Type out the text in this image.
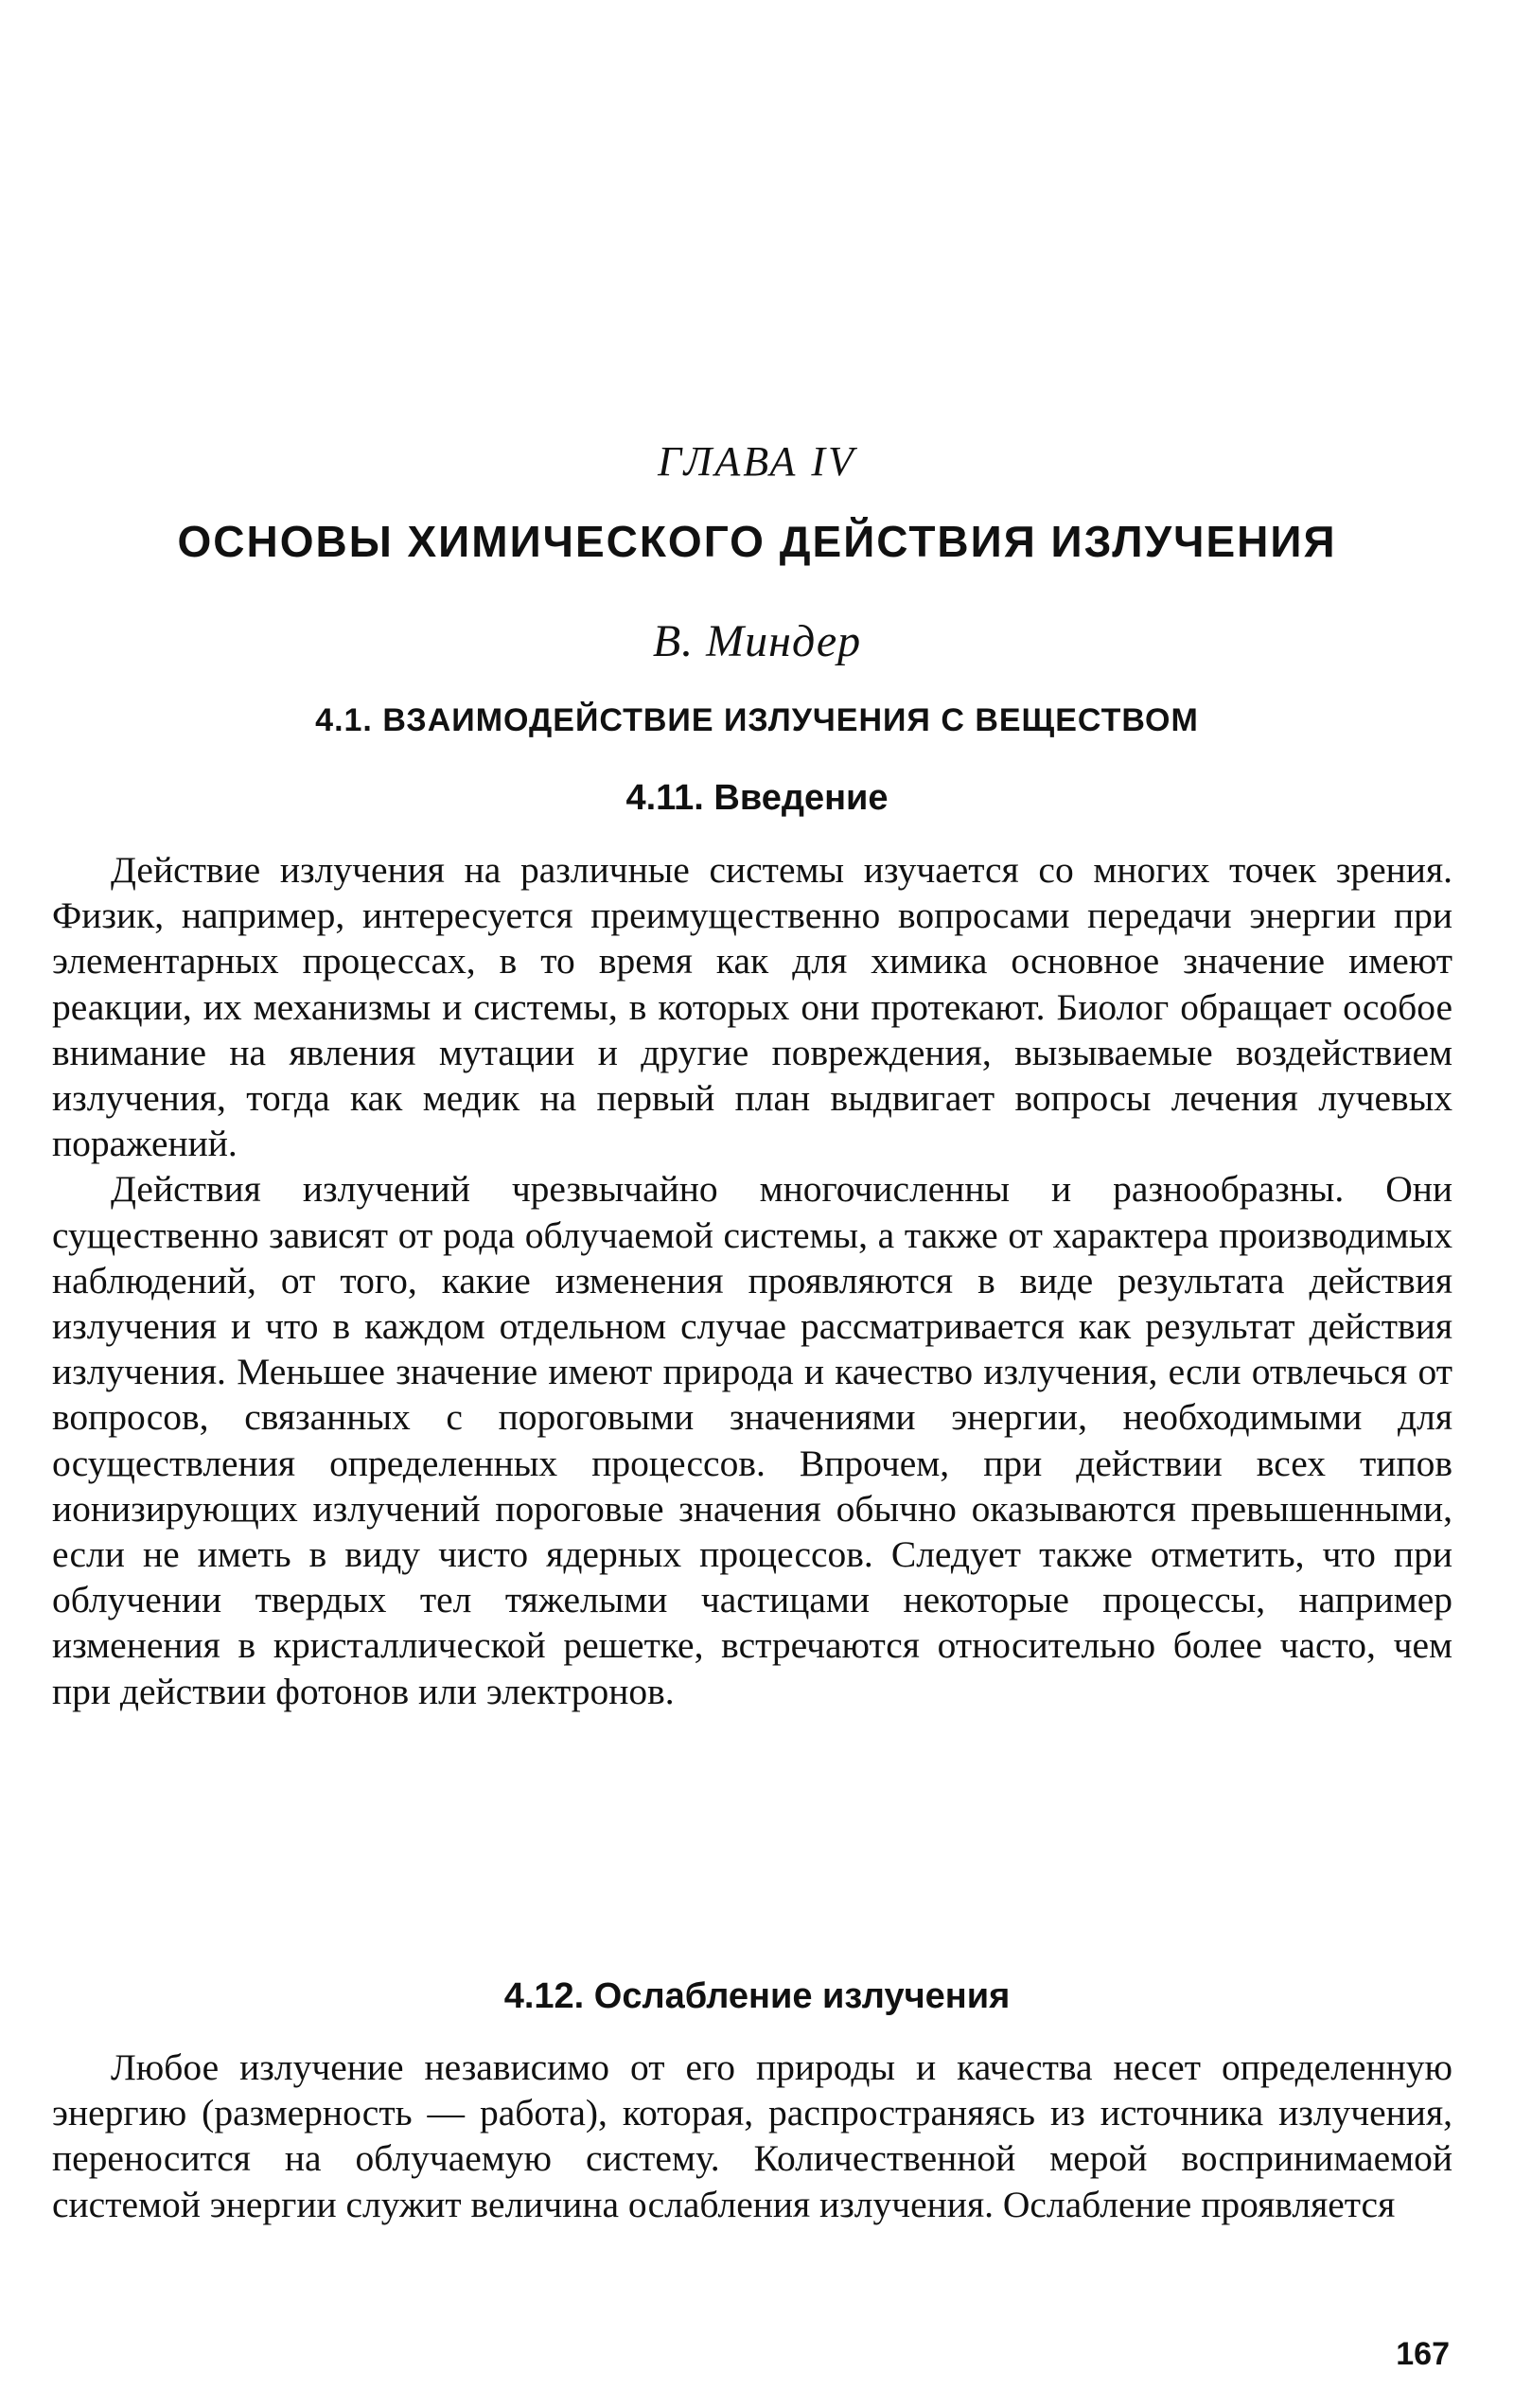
ГЛАВА IV
ОСНОВЫ ХИМИЧЕСКОГО ДЕЙСТВИЯ ИЗЛУЧЕНИЯ
В. Миндер
4.1. ВЗАИМОДЕЙСТВИЕ ИЗЛУЧЕНИЯ С ВЕЩЕСТВОМ
4.11. Введение

Действие излучения на различные системы изучается со многих точек зрения. Физик, например, интересуется преимущественно вопросами передачи энергии при элементарных процессах, в то время как для химика основное значение имеют реакции, их механизмы и системы, в которых они протекают. Биолог обращает особое внимание на явления мутации и другие повреждения, вызываемые воздействием излучения, тогда как медик на первый план выдвигает вопросы лечения лучевых поражений.

Действия излучений чрезвычайно многочисленны и разнообразны. Они существенно зависят от рода облучаемой системы, а также от характера производимых наблюдений, от того, какие изменения проявляются в виде результата действия излучения и что в каждом отдельном случае рассматривается как результат действия излучения. Меньшее значение имеют природа и качество излучения, если отвлечься от вопросов, связанных с пороговыми значениями энергии, необходимыми для осуществления определенных процессов. Впрочем, при действии всех типов ионизирующих излучений пороговые значения обычно оказываются превышенными, если не иметь в виду чисто ядерных процессов. Следует также отметить, что при облучении твердых тел тяжелыми частицами некоторые процессы, например изменения в кристаллической решетке, встречаются относительно более часто, чем при действии фотонов или электронов.

4.12. Ослабление излучения

Любое излучение независимо от его природы и качества несет определенную энергию (размерность — работа), которая, распространяясь из источника излучения, переносится на облучаемую систему. Количественной мерой воспринимаемой системой энергии служит величина ослабления излучения. Ослабление проявляется

167
